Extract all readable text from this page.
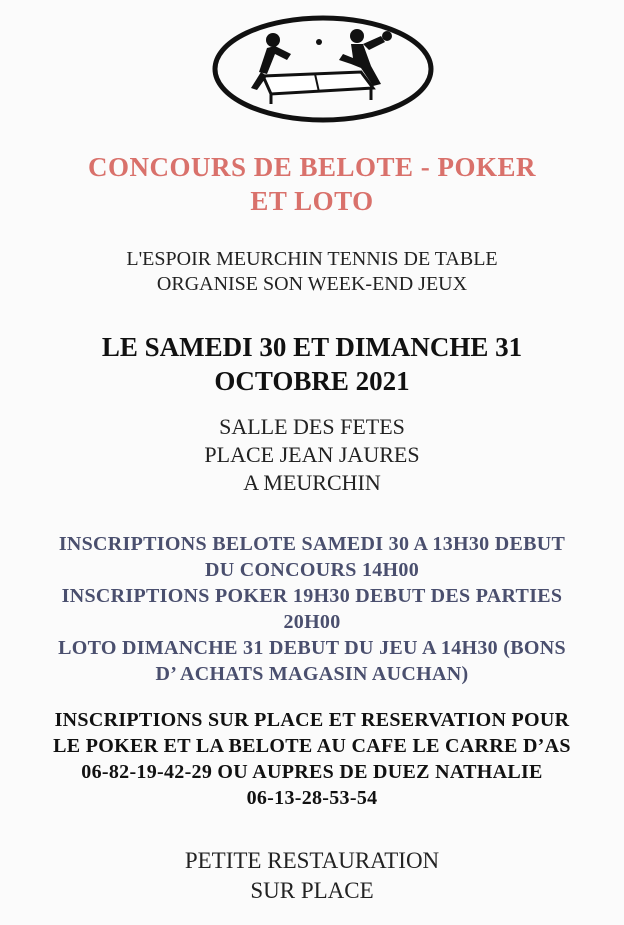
CONCOURS DE BELOTE - POKER
ET LOTO
L'ESPOIR MEURCHIN TENNIS DE TABLE
ORGANISE SON WEEK-END JEUX
LE SAMEDI 30 ET DIMANCHE 31
OCTOBRE 2021
SALLE DES FETES
PLACE JEAN JAURES
A MEURCHIN
INSCRIPTIONS BELOTE SAMEDI 30 A 13H30 DEBUT
DU CONCOURS 14H00
INSCRIPTIONS POKER 19H30 DEBUT DES PARTIES
20H00
LOTO DIMANCHE 31 DEBUT DU JEU A 14H30 (BONS
D’ ACHATS MAGASIN AUCHAN)
INSCRIPTIONS SUR PLACE ET RESERVATION POUR
LE POKER ET LA BELOTE AU CAFE LE CARRE D’AS
06-82-19-42-29 OU AUPRES DE DUEZ NATHALIE
06-13-28-53-54
PETITE RESTAURATION
SUR PLACE
